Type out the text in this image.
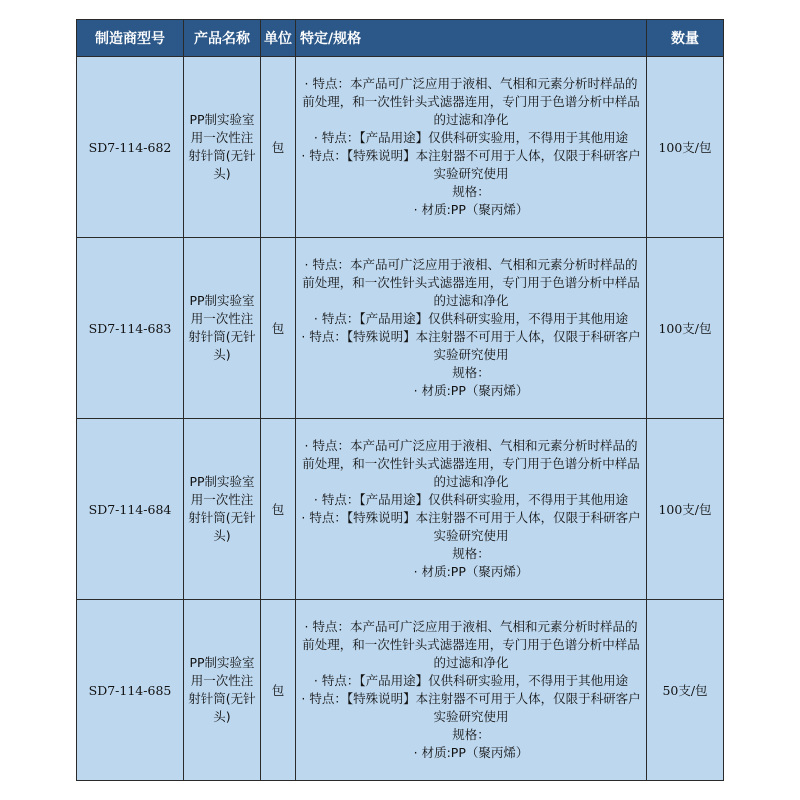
制造商型号	产品名称	单位	特定/规格	数量
SD7-114-682	PP制实验室用一次性注射针筒(无针头)	包	· 特点：本产品可广泛应用于液相、气相和元素分析时样品的前处理，和一次性针头式滤器连用，专门用于色谱分析中样品的过滤和净化
· 特点：【产品用途】仅供科研实验用，不得用于其他用途
· 特点：【特殊说明】本注射器不可用于人体，仅限于科研客户实验研究使用
规格：
· 材质:PP（聚丙烯）	100支/包
SD7-114-683	PP制实验室用一次性注射针筒(无针头)	包	· 特点：本产品可广泛应用于液相、气相和元素分析时样品的前处理，和一次性针头式滤器连用，专门用于色谱分析中样品的过滤和净化
· 特点：【产品用途】仅供科研实验用，不得用于其他用途
· 特点：【特殊说明】本注射器不可用于人体，仅限于科研客户实验研究使用
规格：
· 材质:PP（聚丙烯）	100支/包
SD7-114-684	PP制实验室用一次性注射针筒(无针头)	包	· 特点：本产品可广泛应用于液相、气相和元素分析时样品的前处理，和一次性针头式滤器连用，专门用于色谱分析中样品的过滤和净化
· 特点：【产品用途】仅供科研实验用，不得用于其他用途
· 特点：【特殊说明】本注射器不可用于人体，仅限于科研客户实验研究使用
规格：
· 材质:PP（聚丙烯）	100支/包
SD7-114-685	PP制实验室用一次性注射针筒(无针头)	包	· 特点：本产品可广泛应用于液相、气相和元素分析时样品的前处理，和一次性针头式滤器连用，专门用于色谱分析中样品的过滤和净化
· 特点：【产品用途】仅供科研实验用，不得用于其他用途
· 特点：【特殊说明】本注射器不可用于人体，仅限于科研客户实验研究使用
规格：
· 材质:PP（聚丙烯）	50支/包
